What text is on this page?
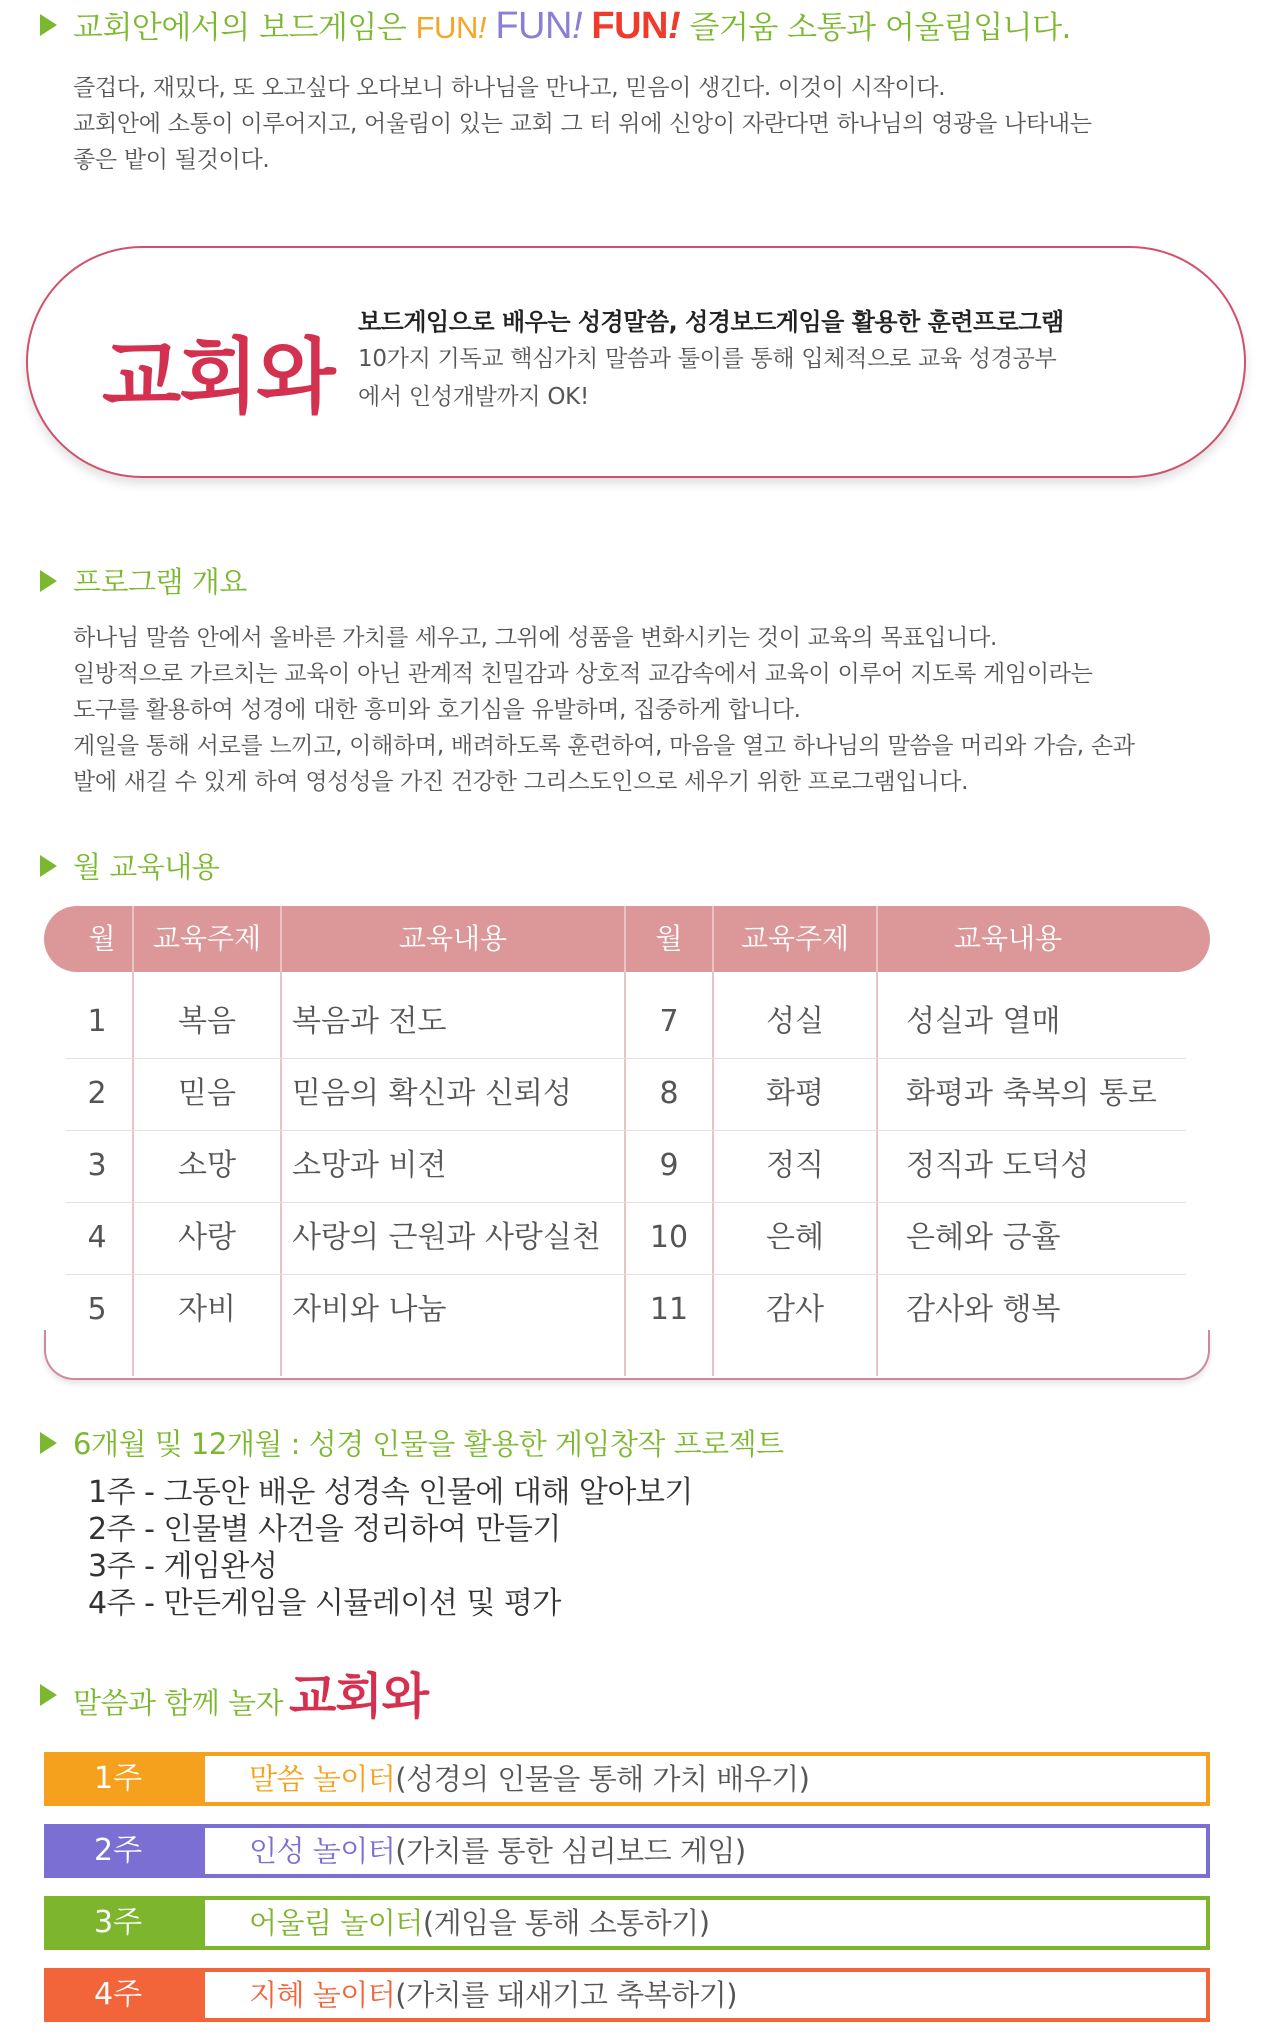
교회안에서의 보드게임은 FUN! FUN! FUN! 즐거움 소통과 어울림입니다.
즐겁다, 재밌다, 또 오고싶다 오다보니 하나님을 만나고, 믿음이 생긴다. 이것이 시작이다.
교회안에 소통이 이루어지고, 어울림이 있는 교회 그 터 위에 신앙이 자란다면 하나님의 영광을 나타내는
좋은 밭이 될것이다.
교회와
보드게임으로 배우는 성경말씀, 성경보드게임을 활용한 훈련프로그램
10가지 기독교 핵심가치 말씀과 툴이를 통해 입체적으로 교육 성경공부
에서 인성개발까지 OK!
프로그램 개요
하나님 말씀 안에서 올바른 가치를 세우고, 그위에 성품을 변화시키는 것이 교육의 목표입니다.
일방적으로 가르치는 교육이 아닌 관계적 친밀감과 상호적 교감속에서 교육이 이루어 지도록 게임이라는
도구를 활용하여 성경에 대한 흥미와 호기심을 유발하며, 집중하게 합니다.
게일을 통해 서로를 느끼고, 이해하며, 배려하도록 훈련하여, 마음을 열고 하나님의 말씀을 머리와 가슴, 손과
발에 새길 수 있게 하여 영성성을 가진 건강한 그리스도인으로 세우기 위한 프로그램입니다.
월 교육내용
월	교육주제	교육내용	월	교육주제	교육내용
1	복음	복음과 전도	7	성실	성실과 열매
2	믿음	믿음의 확신과 신뢰성	8	화평	화평과 축복의 통로
3	소망	소망과 비젼	9	정직	정직과 도덕성
4	사랑	사랑의 근원과 사랑실천	10	은혜	은혜와 긍휼
5	자비	자비와 나눔	11	감사	감사와 행복
6개월 및 12개월 : 성경 인물을 활용한 게임창작 프로젝트
1주 - 그동안 배운 성경속 인물에 대해 알아보기
2주 - 인물별 사건을 정리하여 만들기
3주 - 게임완성
4주 - 만든게임을 시뮬레이션 및 평가
말씀과 함께 놀자 교회와
1주	말씀 놀이터(성경의 인물을 통해 가치 배우기)
2주	인성 놀이터(가치를 통한 심리보드 게임)
3주	어울림 놀이터(게임을 통해 소통하기)
4주	지혜 놀이터(가치를 돼새기고 축복하기)
